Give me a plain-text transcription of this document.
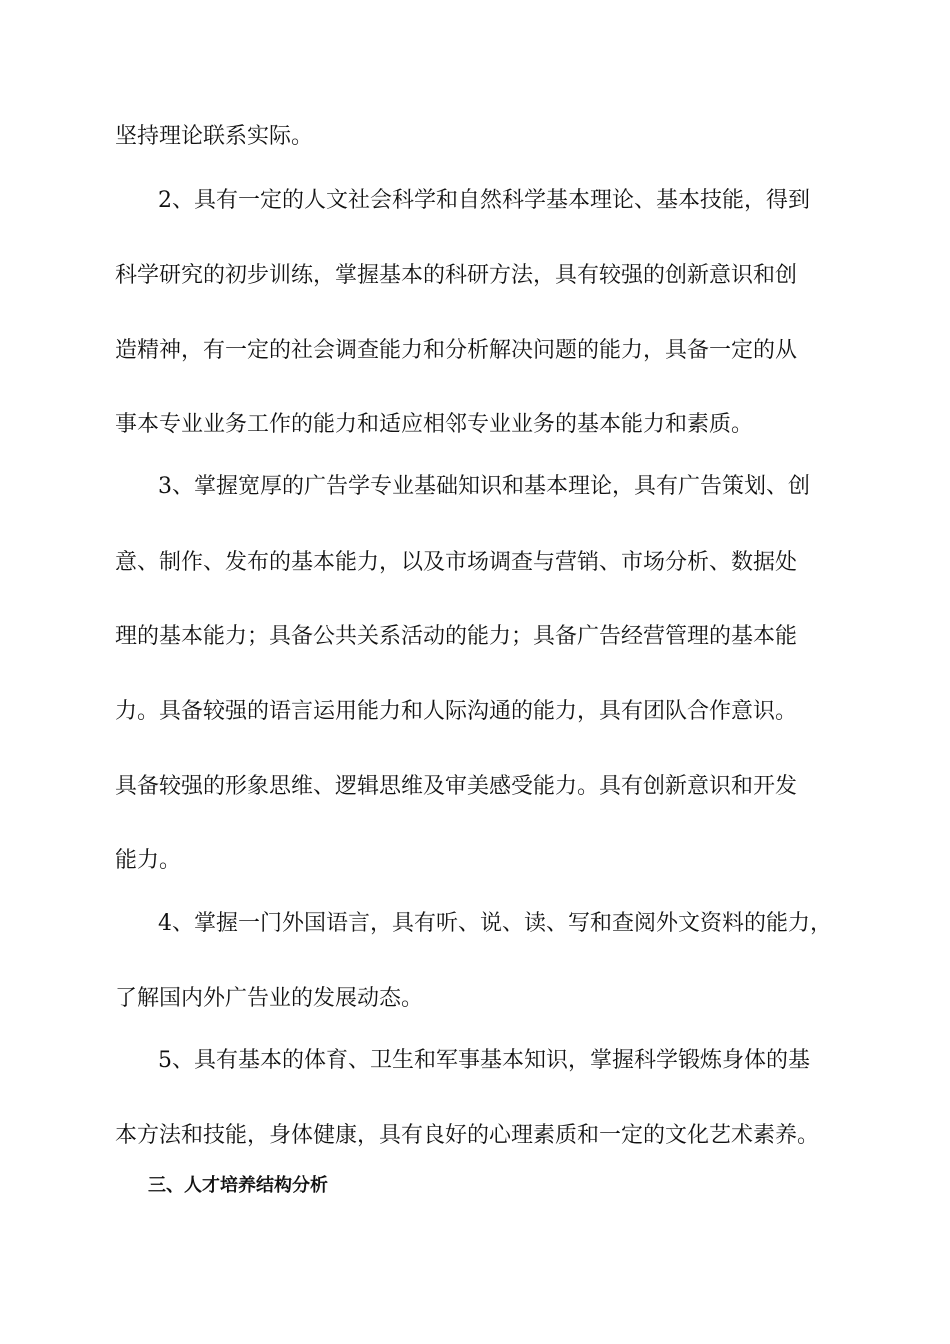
坚持理论联系实际。
2、具有一定的人文社会科学和自然科学基本理论、基本技能，得到
科学研究的初步训练，掌握基本的科研方法，具有较强的创新意识和创
造精神，有一定的社会调查能力和分析解决问题的能力，具备一定的从
事本专业业务工作的能力和适应相邻专业业务的基本能力和素质。
3、掌握宽厚的广告学专业基础知识和基本理论，具有广告策划、创
意、制作、发布的基本能力，以及市场调查与营销、市场分析、数据处
理的基本能力；具备公共关系活动的能力；具备广告经营管理的基本能
力。具备较强的语言运用能力和人际沟通的能力，具有团队合作意识。
具备较强的形象思维、逻辑思维及审美感受能力。具有创新意识和开发
能力。
4、掌握一门外国语言，具有听、说、读、写和查阅外文资料的能力，
了解国内外广告业的发展动态。
5、具有基本的体育、卫生和军事基本知识，掌握科学锻炼身体的基
本方法和技能，身体健康，具有良好的心理素质和一定的文化艺术素养。
三、人才培养结构分析
